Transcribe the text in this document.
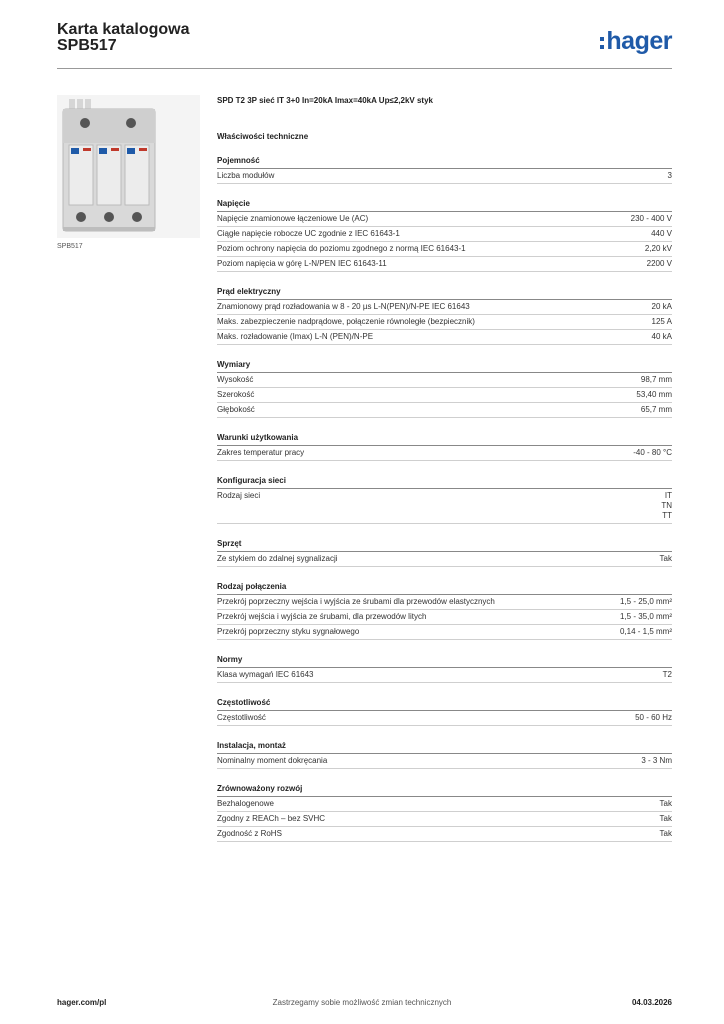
Karta katalogowa
SPB517	hager
SPB517

SPD T2 3P sieć IT 3+0 In=20kA Imax=40kA Up≤2,2kV styk

Właściwości techniczne

Pojemność
Liczba modułów	3
Napięcie
Napięcie znamionowe łączeniowe Ue (AC)	230 - 400 V
Ciągłe napięcie robocze UC zgodnie z IEC 61643-1	440 V
Poziom ochrony napięcia do poziomu zgodnego z normą IEC 61643-1	2,20 kV
Poziom napięcia w górę L-N/PEN IEC 61643-11	2200 V
Prąd elektryczny
Znamionowy prąd rozładowania w 8 - 20 µs L-N(PEN)/N-PE IEC 61643	20 kA
Maks. zabezpieczenie nadprądowe, połączenie równoległe (bezpiecznik)	125 A
Maks. rozładowanie (Imax) L-N (PEN)/N-PE	40 kA
Wymiary
Wysokość	98,7 mm
Szerokość	53,40 mm
Głębokość	65,7 mm
Warunki użytkowania
Zakres temperatur pracy	-40 - 80 °C
Konfiguracja sieci
Rodzaj sieci	IT
TN
TT
Sprzęt
Ze stykiem do zdalnej sygnalizacji	Tak
Rodzaj połączenia
Przekrój poprzeczny wejścia i wyjścia ze śrubami dla przewodów elastycznych	1,5 - 25,0 mm²
Przekrój wejścia i wyjścia ze śrubami, dla przewodów litych	1,5 - 35,0 mm²
Przekrój poprzeczny styku sygnałowego	0,14 - 1,5 mm²
Normy
Klasa wymagań IEC 61643	T2
Częstotliwość
Częstotliwość	50 - 60 Hz
Instalacja, montaż
Nominalny moment dokręcania	3 - 3 Nm
Zrównoważony rozwój
Bezhalogenowe	Tak
Zgodny z REACh – bez SVHC	Tak
Zgodność z RoHS	Tak
hager.com/pl	Zastrzegamy sobie możliwość zmian technicznych	04.03.2026
